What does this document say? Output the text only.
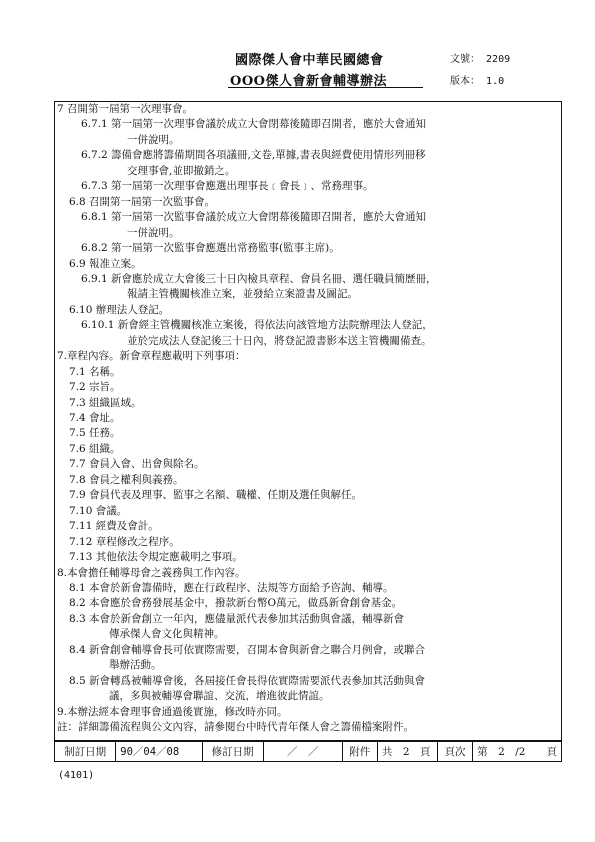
國際傑人會中華民國總會
OOO傑人會新會輔導辦法
文號： 2209
版本： 1.0
7 召開第一屆第一次理事會。
6.7.1 第一屆第一次理事會議於成立大會閉幕後隨即召開者，應於大會通知
一併說明。
6.7.2 籌備會應將籌備期間各項議冊,文卷,單據,書表與經費使用情形列冊移
交理事會,並即撤銷之。
6.7.3 第一屆第一次理事會應選出理事長﹝會長﹞、常務理事。
6.8 召開第一屆第一次監事會。
6.8.1 第一屆第一次監事會議於成立大會閉幕後隨即召開者，應於大會通知
一併說明。
6.8.2 第一屆第一次監事會應選出常務監事(監事主席)。
6.9 報准立案。
6.9.1 新會應於成立大會後三十日內檢具章程、會員名冊、選任職員簡歷冊，
報請主管機關核准立案，並發給立案證書及圖記。
6.10 辦理法人登記。
6.10.1 新會經主管機關核准立案後，得依法向該管地方法院辦理法人登記，
並於完成法人登記後三十日內，將登記證書影本送主管機關備查。
7.章程內容。新會章程應載明下列事項：
7.1 名稱。
7.2 宗旨。
7.3 組織區域。
7.4 會址。
7.5 任務。
7.6 組織。
7.7 會員入會、出會與除名。
7.8 會員之權利與義務。
7.9 會員代表及理事、監事之名額、職權、任期及選任與解任。
7.10 會議。
7.11 經費及會計。
7.12 章程修改之程序。
7.13 其他依法令規定應載明之事項。
8.本會擔任輔導母會之義務與工作內容。
8.1 本會於新會籌備時，應在行政程序、法規等方面給予咨詢、輔導。
8.2 本會應於會務發展基金中，撥款新台幣O萬元，做爲新會創會基金。
8.3 本會於新會創立一年內，應儘量派代表參加其活動與會議，輔導新會
傳承傑人會文化與精神。
8.4 新會創會輔導會長可依實際需要，召開本會與新會之聯合月例會，或聯合
舉辦活動。
8.5 新會轉爲被輔導會後，各屆接任會長得依實際需要派代表參加其活動與會
議，多與被輔導會聯誼、交流，增進彼此情誼。
9.本辦法經本會理事會通過後實施，修改時亦同。
註：詳細籌備流程與公文內容，請參閱台中時代青年傑人會之籌備檔案附件。
制訂日期	90／04／08	修訂日期	／　／	附件	共　2　頁	頁次	第　2　/2　　頁
(4101)
